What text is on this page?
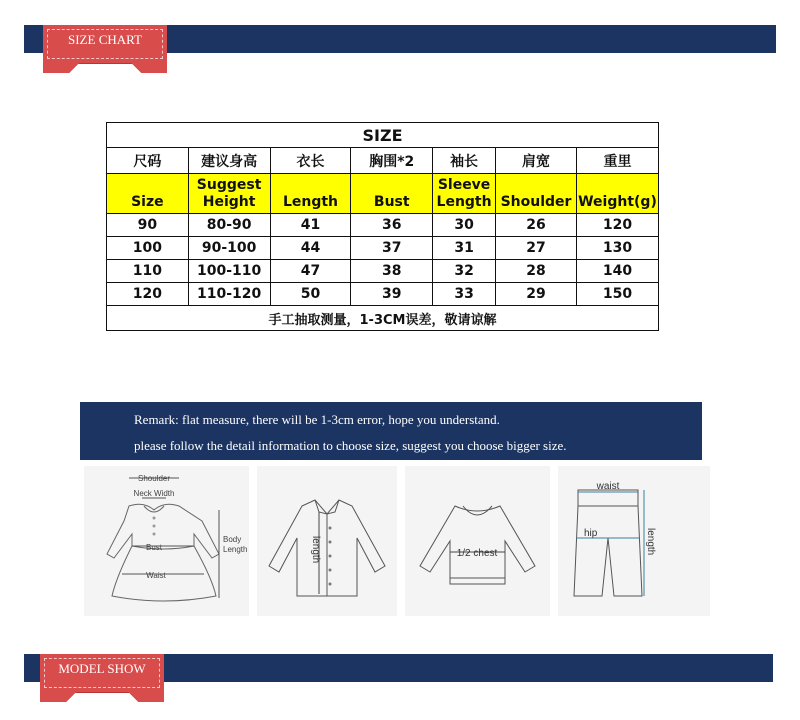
SIZE CHART
SIZE						
尺码	建议身高	衣长	胸围*2	袖长	肩宽	重里
Size	Suggest Height	Length	Bust	Sleeve Length	Shoulder	Weight(g)
90	80-90	41	36	30	26	120
100	90-100	44	37	31	27	130
110	100-110	47	38	32	28	140
120	110-120	50	39	33	29	150
手工抽取测量，1-3CM误差，敬请谅解						
Remark: flat measure, there will be 1-3cm error, hope you understand.
please follow the detail information to choose size, suggest you choose bigger size.
Shoulder
Neck Width
Bust
Waist
Body
Length	length	1/2 chest
waist
hip	length
MODEL SHOW
